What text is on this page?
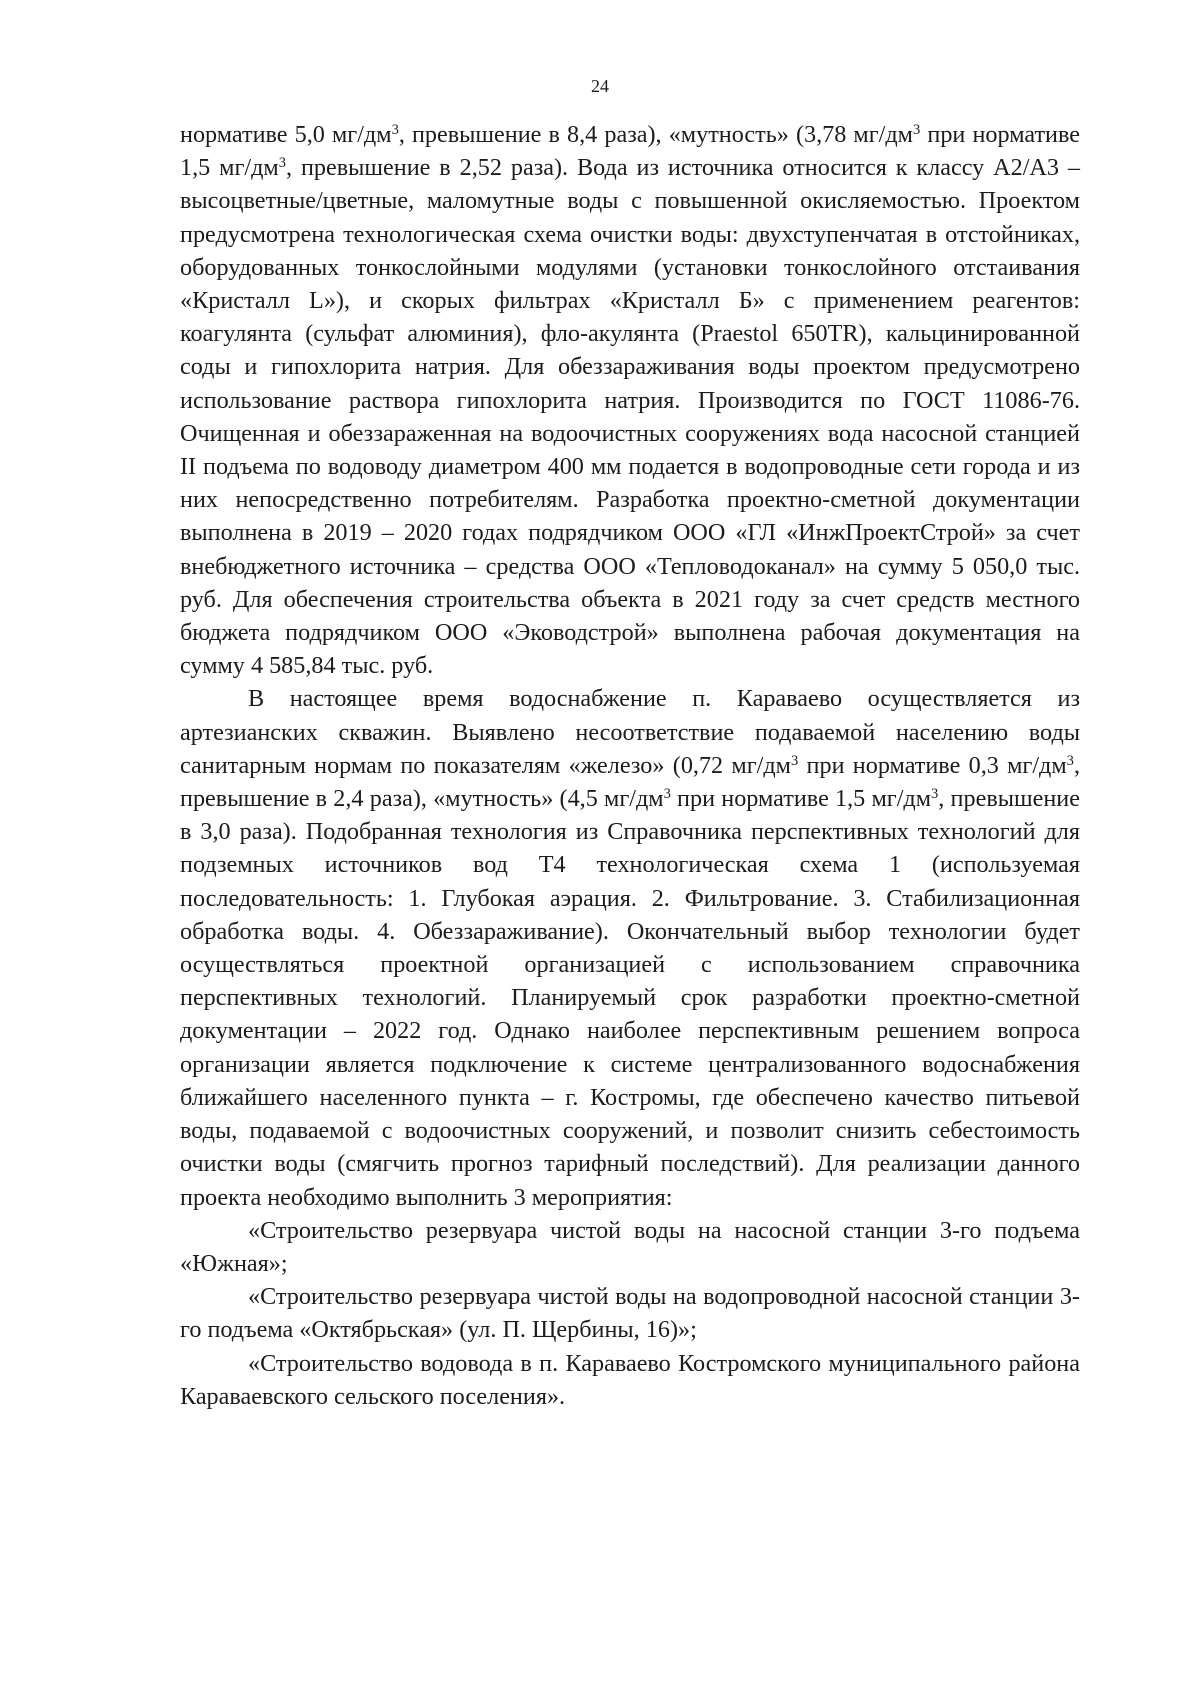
24

нормативе 5,0 $мг/дм^3$, превышение в 8,4 раза), «мутность» (3,78 $мг/дм^3$ при нормативе 1,5 $мг/дм^3$, превышение в 2,52 раза). Вода из источника относится к классу А2/А3 – высоцветные/цветные, маломутные воды с повышенной окисляемостью. Проектом предусмотрена технологическая схема очистки воды: двухступенчатая в отстойниках, оборудованных тонкослойными модулями (установки тонкослойного отстаивания «Кристалл L»), и скорых фильтрах «Кристалл Б» с применением реагентов: коагулянта (сульфат алюминия), фло-акулянта (Praestol 650TR), кальцинированной соды и гипохлорита натрия. Для обеззараживания воды проектом предусмотрено использование раствора гипохлорита натрия. Производится по ГОСТ 11086-76. Очищенная и обеззараженная на водоочистных сооружениях вода насосной станцией II подъема по водоводу диаметром 400 мм подается в водопроводные сети города и из них непосредственно потребителям. Разработка проектно-сметной документации выполнена в 2019 – 2020 годах подрядчиком ООО «ГЛ «ИнжПроектСтрой» за счет внебюджетного источника – средства ООО «Тепловодоканал» на сумму 5 050,0 тыс. руб. Для обеспечения строительства объекта в 2021 году за счет средств местного бюджета подрядчиком ООО «Эководстрой» выполнена рабочая документация на сумму 4 585,84 тыс. руб.

В настоящее время водоснабжение п. Караваево осуществляется из артезианских скважин. Выявлено несоответствие подаваемой населению воды санитарным нормам по показателям «железо» (0,72 $мг/дм^3$ при нормативе 0,3 $мг/дм^3$, превышение в 2,4 раза), «мутность» (4,5 $мг/дм^3$ при нормативе 1,5 $мг/дм^3$, превышение в 3,0 раза). Подобранная технология из Справочника перспективных технологий для подземных источников вод Т4 технологическая схема 1 (используемая последовательность: 1. Глубокая аэрация. 2. Фильтрование. 3. Стабилизационная обработка воды. 4. Обеззараживание). Окончательный выбор технологии будет осуществляться проектной организацией с использованием справочника перспективных технологий. Планируемый срок разработки проектно-сметной документации – 2022 год. Однако наиболее перспективным решением вопроса организации является подключение к системе централизованного водоснабжения ближайшего населенного пункта – г. Костромы, где обеспечено качество питьевой воды, подаваемой с водоочистных сооружений, и позволит снизить себестоимость очистки воды (смягчить прогноз тарифный последствий). Для реализации данного проекта необходимо выполнить 3 мероприятия:

«Строительство резервуара чистой воды на насосной станции 3-го подъема «Южная»;

«Строительство резервуара чистой воды на водопроводной насосной станции 3-го подъема «Октябрьская» (ул. П. Щербины, 16)»;

«Строительство водовода в п. Караваево Костромского муниципального района Караваевского сельского поселения».
